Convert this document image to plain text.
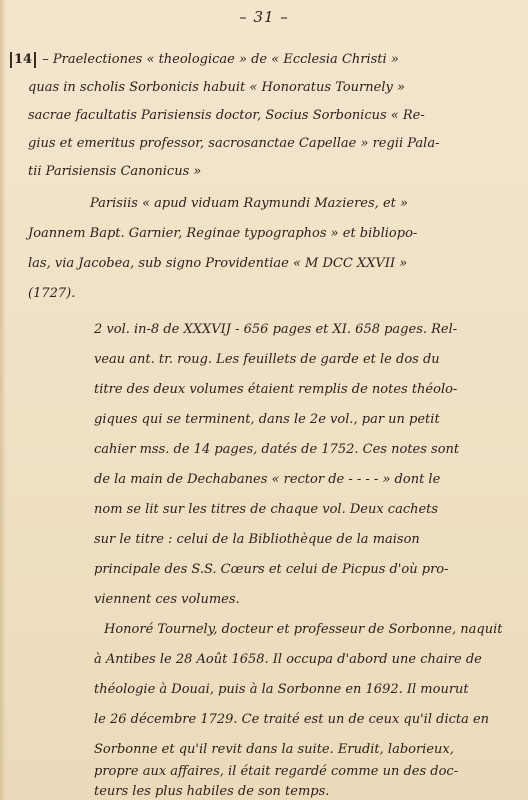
– 31 –
14 – Praelectiones « theologicae » de « Ecclesia Christi »
quas in scholis Sorbonicis habuit « Honoratus Tournely »
sacrae facultatis Parisiensis doctor, Socius Sorbonicus « Re-
gius et emeritus professor, sacrosanctae Capellae » regii Pala-
tii Parisiensis Canonicus »
Parisiis « apud viduam Raymundi Mazieres, et »
Joannem Bapt. Garnier, Reginae typographos » et bibliopo-
las, via Jacobea, sub signo Providentiae « M DCC XXVII »
(1727).
2 vol. in-8 de XXXVIJ - 656 pages et XI. 658 pages. Rel-
veau ant. tr. roug. Les feuillets de garde et le dos du
titre des deux volumes étaient remplis de notes théolo-
giques qui se terminent, dans le 2e vol., par un petit
cahier mss. de 14 pages, datés de 1752. Ces notes sont
de la main de Dechabanes « rector de - - - - » dont le
nom se lit sur les titres de chaque vol. Deux cachets
sur le titre : celui de la Bibliothèque de la maison
principale des S.S. Cœurs et celui de Picpus d'où pro-
viennent ces volumes.
Honoré Tournely, docteur et professeur de Sorbonne, naquit
à Antibes le 28 Août 1658. Il occupa d'abord une chaire de
théologie à Douai, puis à la Sorbonne en 1692. Il mourut
le 26 décembre 1729. Ce traité est un de ceux qu'il dicta en
Sorbonne et qu'il revit dans la suite. Erudit, laborieux,
propre aux affaires, il était regardé comme un des doc-
teurs les plus habiles de son temps.
